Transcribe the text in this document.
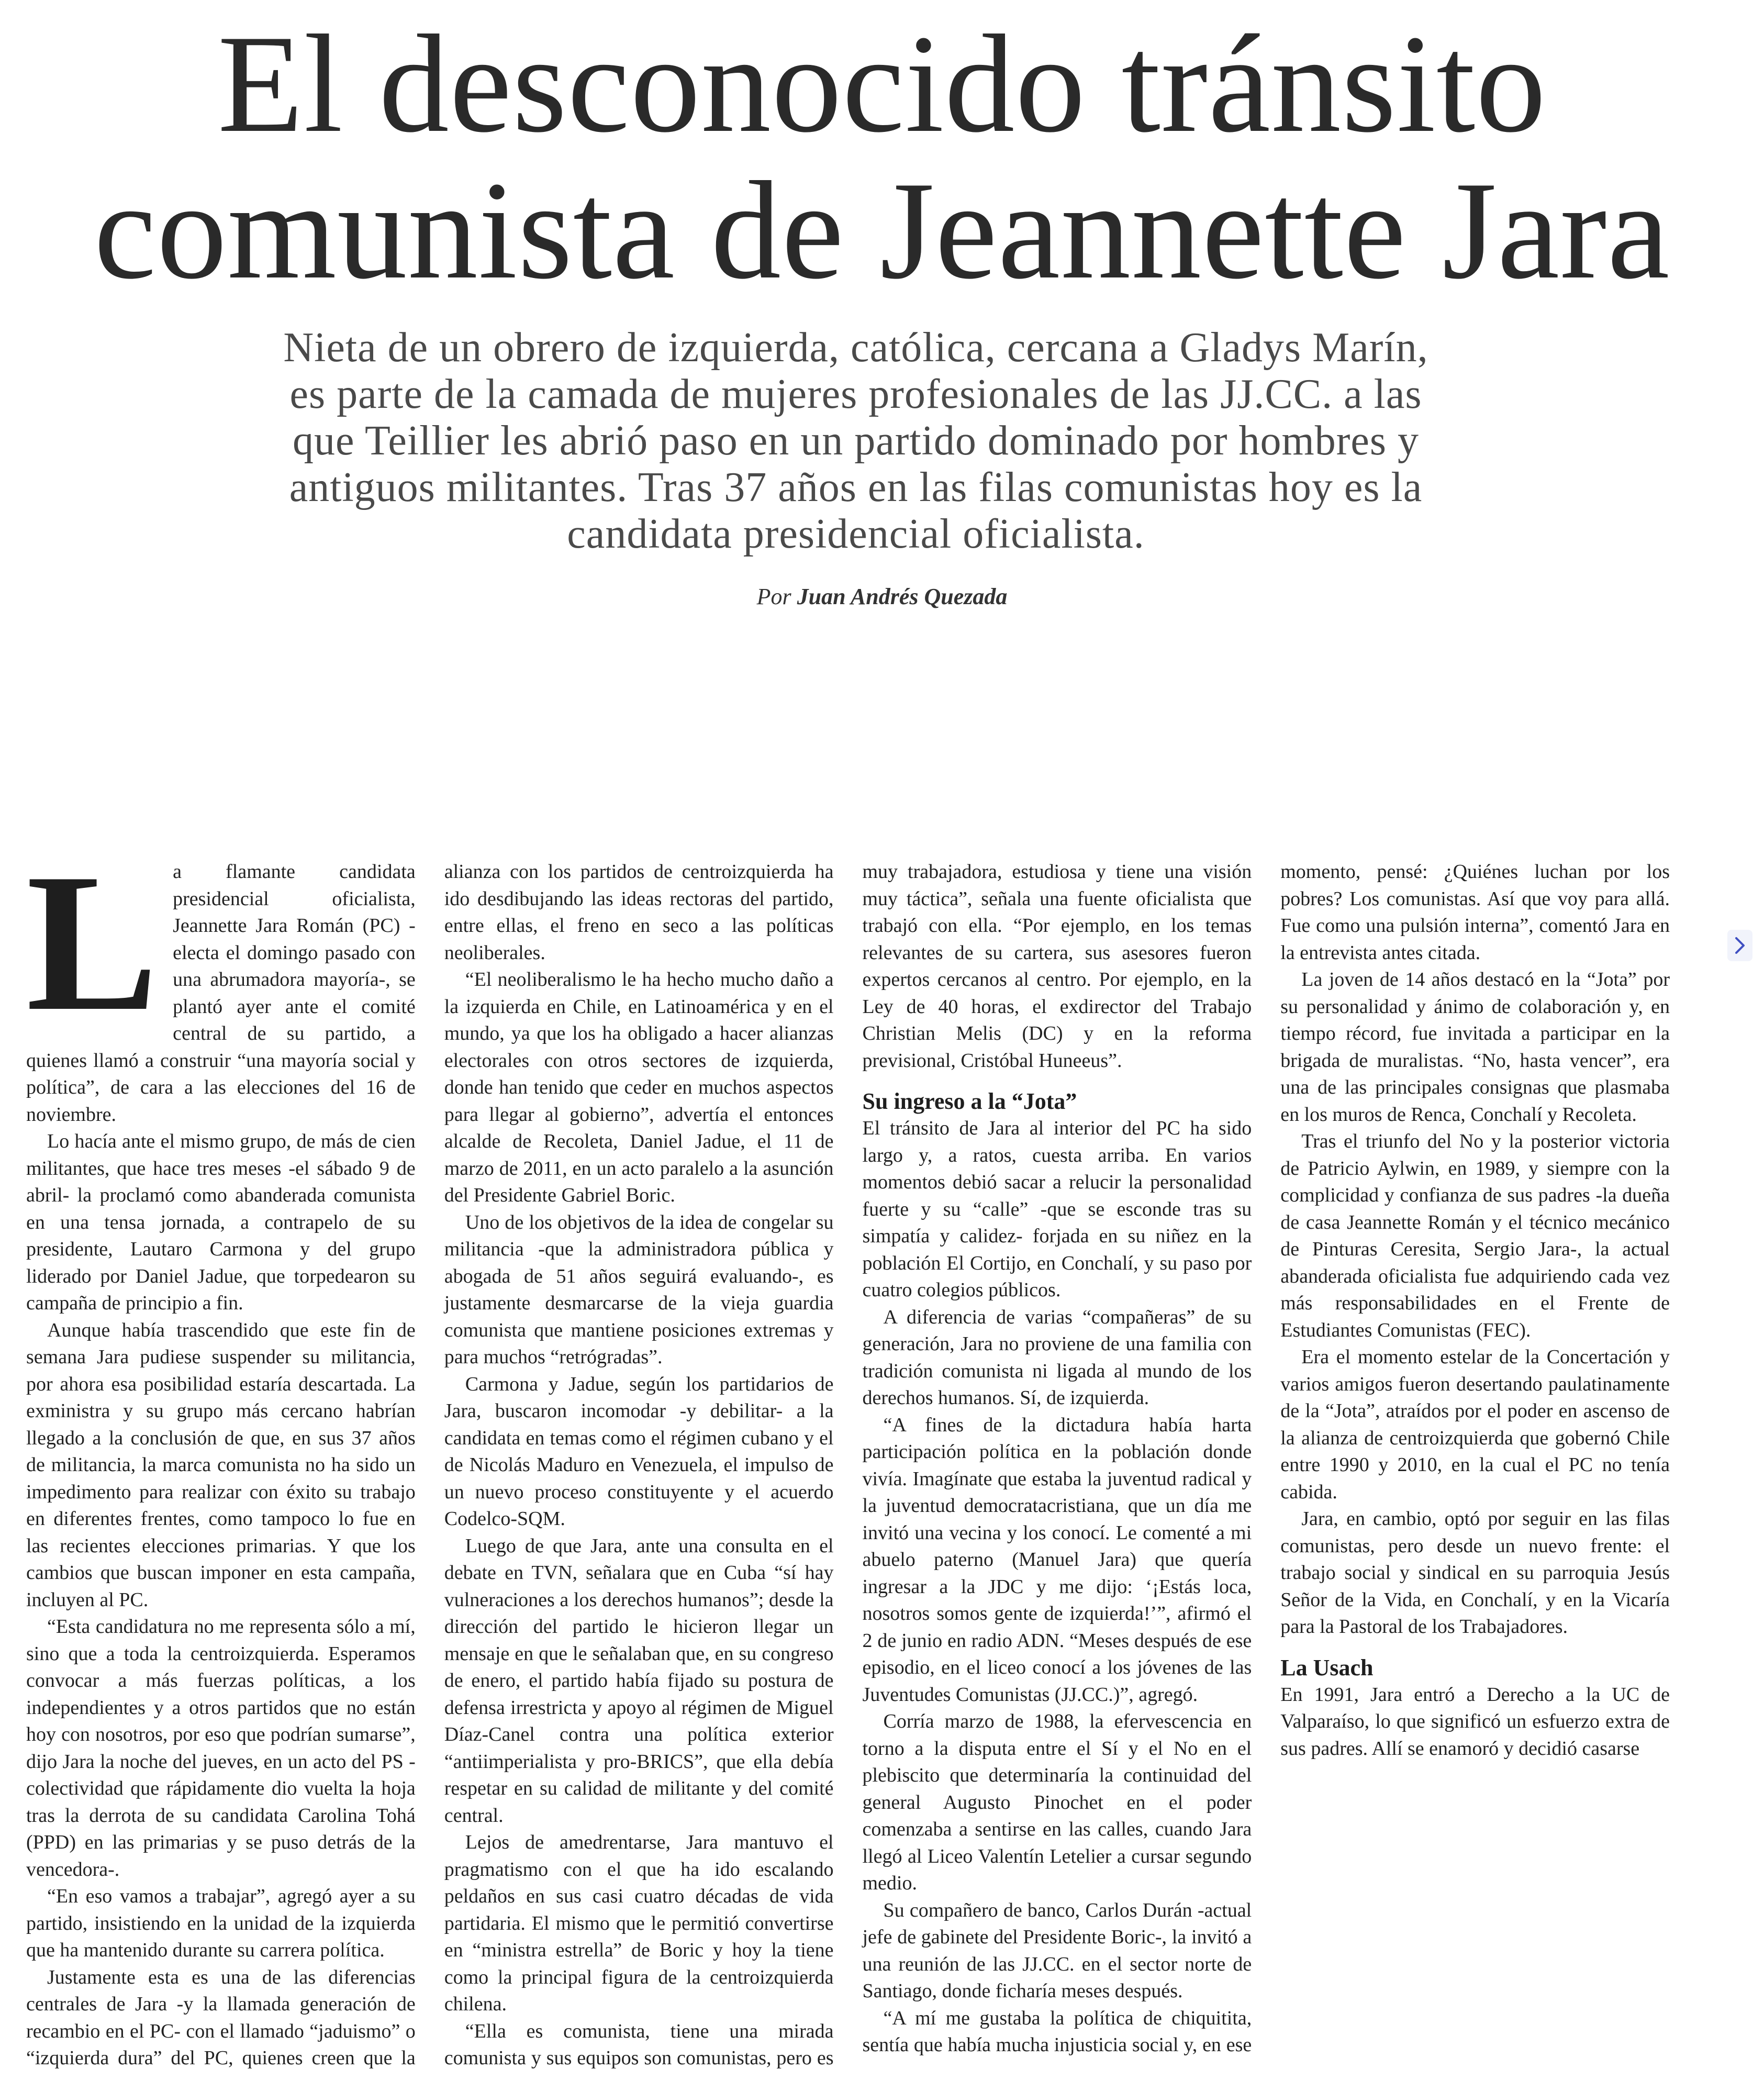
El desconocido tránsito
comunista de Jeannette Jara

Nieta de un obrero de izquierda, católica, cercana a Gladys Marín, es parte de la camada de mujeres profesionales de las JJ.CC. a las que Teillier les abrió paso en un partido dominado por hombres y antiguos militantes. Tras 37 años en las filas comunistas hoy es la candidata presidencial oficialista.

Por Juan Andrés Quezada

La flamante candidata presidencial oficialista, Jeannette Jara Román (PC) -electa el domingo pasado con una abrumadora mayoría-, se plantó ayer ante el comité central de su partido, a quienes llamó a construir “una mayoría social y política”, de cara a las elecciones del 16 de noviembre.

Lo hacía ante el mismo grupo, de más de cien militantes, que hace tres meses -el sábado 9 de abril- la proclamó como abanderada comunista en una tensa jornada, a contrapelo de su presidente, Lautaro Carmona y del grupo liderado por Daniel Jadue, que torpedearon su campaña de principio a fin.

Aunque había trascendido que este fin de semana Jara pudiese suspender su militancia, por ahora esa posibilidad estaría descartada. La exministra y su grupo más cercano habrían llegado a la conclusión de que, en sus 37 años de militancia, la marca comunista no ha sido un impedimento para realizar con éxito su trabajo en diferentes frentes, como tampoco lo fue en las recientes elecciones primarias. Y que los cambios que buscan imponer en esta campaña, incluyen al PC.

“Esta candidatura no me representa sólo a mí, sino que a toda la centroizquierda. Esperamos convocar a más fuerzas políticas, a los independientes y a otros partidos que no están hoy con nosotros, por eso que podrían sumarse”, dijo Jara la noche del jueves, en un acto del PS -colectividad que rápidamente dio vuelta la hoja tras la derrota de su candidata Carolina Tohá (PPD) en las primarias y se puso detrás de la vencedora-.

“En eso vamos a trabajar”, agregó ayer a su partido, insistiendo en la unidad de la izquierda que ha mantenido durante su carrera política.

Justamente esta es una de las diferencias centrales de Jara -y la llamada generación de recambio en el PC- con el llamado “jaduismo” o “izquierda dura” del PC, quienes creen que la alianza con los partidos de centroizquierda ha ido desdibujando las ideas rectoras del partido, entre ellas, el freno en seco a las políticas neoliberales.

“El neoliberalismo le ha hecho mucho daño a la izquierda en Chile, en Latinoamérica y en el mundo, ya que los ha obligado a hacer alianzas electorales con otros sectores de izquierda, donde han tenido que ceder en muchos aspectos para llegar al gobierno”, advertía el entonces alcalde de Recoleta, Daniel Jadue, el 11 de marzo de 2011, en un acto paralelo a la asunción del Presidente Gabriel Boric.

Uno de los objetivos de la idea de congelar su militancia -que la administradora pública y abogada de 51 años seguirá evaluando-, es justamente desmarcarse de la vieja guardia comunista que mantiene posiciones extremas y para muchos “retrógradas”.

Carmona y Jadue, según los partidarios de Jara, buscaron incomodar -y debilitar- a la candidata en temas como el régimen cubano y el de Nicolás Maduro en Venezuela, el impulso de un nuevo proceso constituyente y el acuerdo Codelco-SQM.

Luego de que Jara, ante una consulta en el debate en TVN, señalara que en Cuba “sí hay vulneraciones a los derechos humanos”; desde la dirección del partido le hicieron llegar un mensaje en que le señalaban que, en su congreso de enero, el partido había fijado su postura de defensa irrestricta y apoyo al régimen de Miguel Díaz-Canel contra una política exterior “antiimperialista y pro-BRICS”, que ella debía respetar en su calidad de militante y del comité central.

Lejos de amedrentarse, Jara mantuvo el pragmatismo con el que ha ido escalando peldaños en sus casi cuatro décadas de vida partidaria. El mismo que le permitió convertirse en “ministra estrella” de Boric y hoy la tiene como la principal figura de la centroizquierda chilena.

“Ella es comunista, tiene una mirada comunista y sus equipos son comunistas, pero es muy trabajadora, estudiosa y tiene una visión muy táctica”, señala una fuente oficialista que trabajó con ella. “Por ejemplo, en los temas relevantes de su cartera, sus asesores fueron expertos cercanos al centro. Por ejemplo, en la Ley de 40 horas, el exdirector del Trabajo Christian Melis (DC) y en la reforma previsional, Cristóbal Huneeus”.

Su ingreso a la “Jota”

El tránsito de Jara al interior del PC ha sido largo y, a ratos, cuesta arriba. En varios momentos debió sacar a relucir la personalidad fuerte y su “calle” -que se esconde tras su simpatía y calidez- forjada en su niñez en la población El Cortijo, en Conchalí, y su paso por cuatro colegios públicos.

A diferencia de varias “compañeras” de su generación, Jara no proviene de una familia con tradición comunista ni ligada al mundo de los derechos humanos. Sí, de izquierda.

“A fines de la dictadura había harta participación política en la población donde vivía. Imagínate que estaba la juventud radical y la juventud democratacristiana, que un día me invitó una vecina y los conocí. Le comenté a mi abuelo paterno (Manuel Jara) que quería ingresar a la JDC y me dijo: ‘¡Estás loca, nosotros somos gente de izquierda!’”, afirmó el 2 de junio en radio ADN. “Meses después de ese episodio, en el liceo conocí a los jóvenes de las Juventudes Comunistas (JJ.CC.)”, agregó.

Corría marzo de 1988, la efervescencia en torno a la disputa entre el Sí y el No en el plebiscito que determinaría la continuidad del general Augusto Pinochet en el poder comenzaba a sentirse en las calles, cuando Jara llegó al Liceo Valentín Letelier a cursar segundo medio.

Su compañero de banco, Carlos Durán -actual jefe de gabinete del Presidente Boric-, la invitó a una reunión de las JJ.CC. en el sector norte de Santiago, donde ficharía meses después.

“A mí me gustaba la política de chiquitita, sentía que había mucha injusticia social y, en ese momento, pensé: ¿Quiénes luchan por los pobres? Los comunistas. Así que voy para allá. Fue como una pulsión interna”, comentó Jara en la entrevista antes citada.

La joven de 14 años destacó en la “Jota” por su personalidad y ánimo de colaboración y, en tiempo récord, fue invitada a participar en la brigada de muralistas. “No, hasta vencer”, era una de las principales consignas que plasmaba en los muros de Renca, Conchalí y Recoleta.

Tras el triunfo del No y la posterior victoria de Patricio Aylwin, en 1989, y siempre con la complicidad y confianza de sus padres -la dueña de casa Jeannette Román y el técnico mecánico de Pinturas Ceresita, Sergio Jara-, la actual abanderada oficialista fue adquiriendo cada vez más responsabilidades en el Frente de Estudiantes Comunistas (FEC).

Era el momento estelar de la Concertación y varios amigos fueron desertando paulatinamente de la “Jota”, atraídos por el poder en ascenso de la alianza de centroizquierda que gobernó Chile entre 1990 y 2010, en la cual el PC no tenía cabida.

Jara, en cambio, optó por seguir en las filas comunistas, pero desde un nuevo frente: el trabajo social y sindical en su parroquia Jesús Señor de la Vida, en Conchalí, y en la Vicaría para la Pastoral de los Trabajadores.

La Usach

En 1991, Jara entró a Derecho a la UC de Valparaíso, lo que significó un esfuerzo extra de sus padres. Allí se enamoró y decidió casarse
